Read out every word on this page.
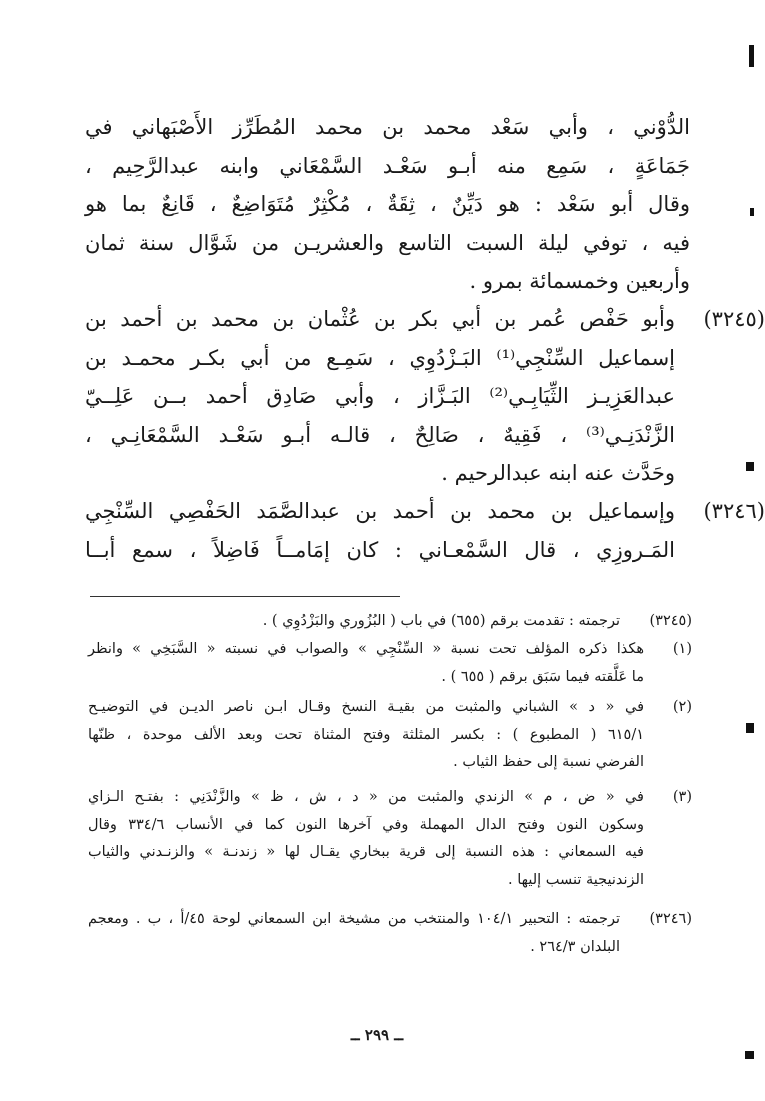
الدُّوْني ، وأبي سَعْد محمد بن محمد المُطَرِّز الأَصْبَهاني في
جَمَاعَةٍ ، سَمِع منه أبـو سَعْـد السَّمْعَاني وابنه عبدالرَّحِيم ،
وقال أبو سَعْد : هو دَيِّنٌ ، ثِقَةٌ ، مُكْثِرٌ مُتَوَاضِعٌ ، قَانِعٌ بما هو
فيه ، توفي ليلة السبت التاسع والعشريـن من شَوَّال سنة ثمان
وأربعين وخمسمائة بمرو .
(٣٢٤٥)
وأبو حَفْص عُمر بن أبي بكر بن عُثْمان بن محمد بن أحمد بن
إسماعيل السِّنْجِي⁽¹⁾ البَـزْدُوِي ، سَمِـع من أبي بكـر محمـد بن
عبدالعَزِيـز الثِّيَابِـي⁽²⁾ البَـزَّاز ، وأبي صَادِق أحمد بــن عَلِــيّ
الزَّنْدَنِـي⁽³⁾ ، فَقِيهٌ ، صَالِحٌ ، قالـه أبـو سَعْـد السَّمْعَانِـي ،
وحَدَّث عنه ابنه عبدالرحيم .
(٣٢٤٦)
وإسماعيل بن محمد بن أحمد بن عبدالصَّمَد الحَفْصِي السِّنْجِي
المَـروزِي ، قال السَّمْعـاني : كان إمَامــاً فَاضِلاً ، سمع أبــا
(٣٢٤٥)
ترجمته : تقدمت برقم (٦٥٥) في باب ( البُزُوري والبَزْدُوِي ) .
(١)
هكذا ذكره المؤلف تحت نسبة « السِّنْجِي » والصواب في نسبته « السَّبَخِي » وانظر
ما عَلَّقته فيما سَبَق برقم ( ٦٥٥ ) .
(٢)
في « د » الشباني والمثبت من بقيـة النسخ وقـال ابـن ناصر الديـن في التوضيـح
٦١٥/١ ( المطبوع ) : بكسر المثلثة وفتح المثناة تحت وبعد الألف موحدة ، ظنّها
الفرضي نسبة إلى حفظ الثياب .
(٣)
في « ض ، م » الزندي والمثبت من « د ، ش ، ظ » والزَّنْدَنِي : بفتـح الـزاي
وسكون النون وفتح الدال المهملة وفي آخرها النون كما في الأنساب ٣٣٤/٦ وقال
فيه السمعاني : هذه النسبة إلى قرية ببخاري يقـال لها « زندنـة » والزنـدني والثياب
الزندنيجية تنسب إليها .
(٣٢٤٦)
ترجمته : التحبير ١٠٤/١ والمنتخب من مشيخة ابن السمعاني لوحة ٤٥/أ ، ب . ومعجم
البلدان ٢٦٤/٣ .
ــ ٢٩٩ ــ
